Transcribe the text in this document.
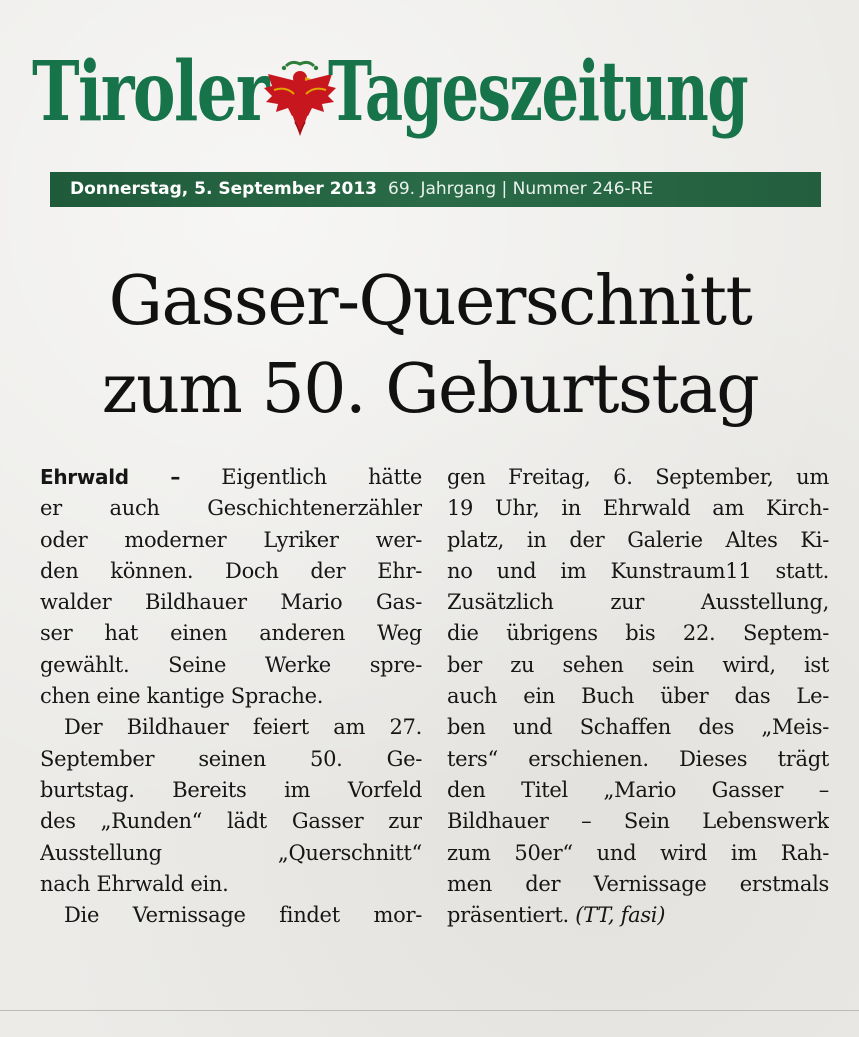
Tiroler Tageszeitung
Donnerstag, 5. September 2013 69. Jahrgang | Nummer 246-RE
Gasser-Querschnitt
zum 50. Geburtstag
Ehrwald – Eigentlich hätte
er auch Geschichtenerzähler
oder moderner Lyriker wer-
den können. Doch der Ehr-
walder Bildhauer Mario Gas-
ser hat einen anderen Weg
gewählt. Seine Werke spre-
chen eine kantige Sprache.
Der Bildhauer feiert am 27.
September seinen 50. Ge-
burtstag. Bereits im Vorfeld
des „Runden“ lädt Gasser zur
Ausstellung „Querschnitt“
nach Ehrwald ein.
Die Vernissage findet mor-
gen Freitag, 6. September, um
19 Uhr, in Ehrwald am Kirch-
platz, in der Galerie Altes Ki-
no und im Kunstraum11 statt.
Zusätzlich zur Ausstellung,
die übrigens bis 22. Septem-
ber zu sehen sein wird, ist
auch ein Buch über das Le-
ben und Schaffen des „Meis-
ters“ erschienen. Dieses trägt
den Titel „Mario Gasser –
Bildhauer – Sein Lebenswerk
zum 50er“ und wird im Rah-
men der Vernissage erstmals
präsentiert. (TT, fasi)
